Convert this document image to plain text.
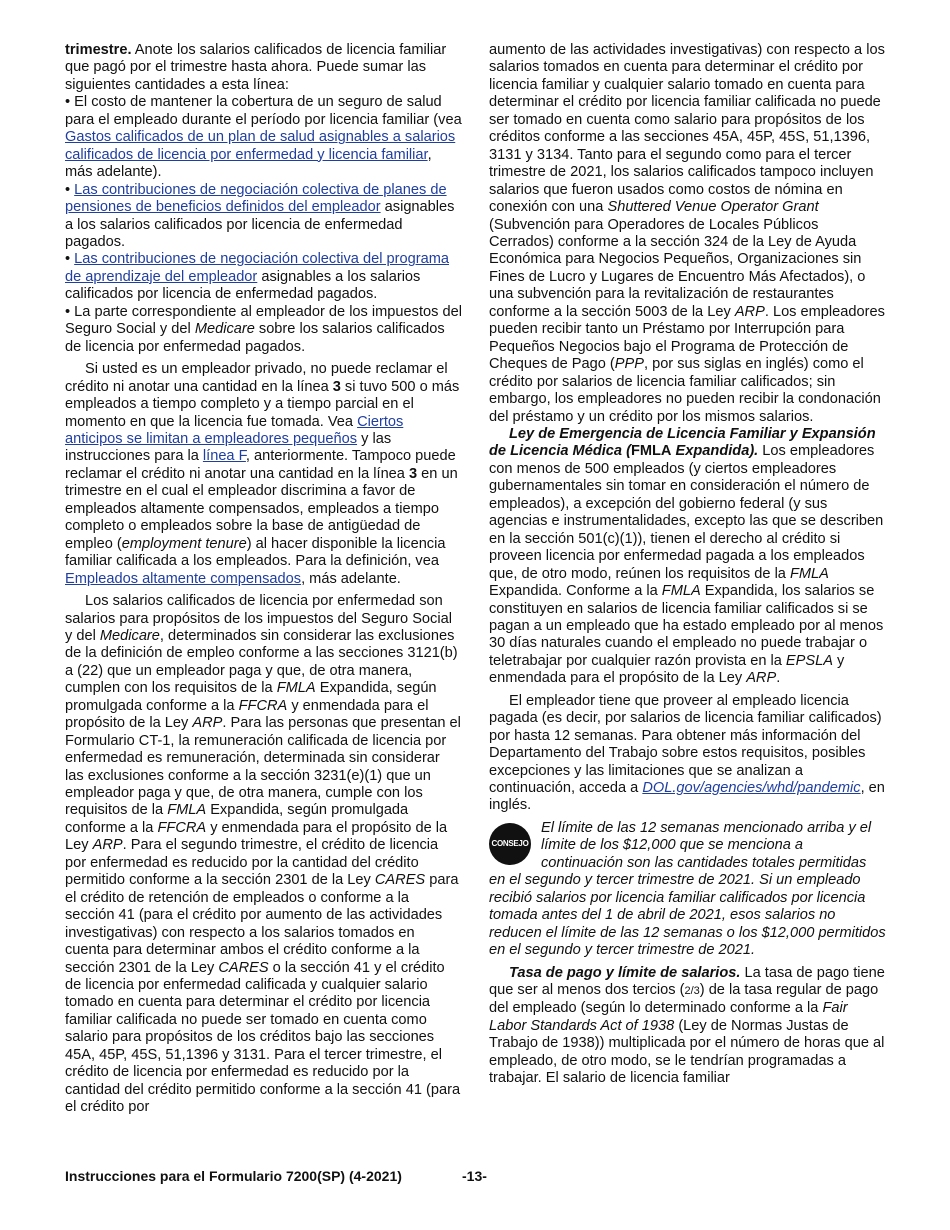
trimestre. Anote los salarios calificados de licencia familiar que pagó por el trimestre hasta ahora. Puede sumar las siguientes cantidades a esta línea:

• El costo de mantener la cobertura de un seguro de salud para el empleado durante el período por licencia familiar (vea Gastos calificados de un plan de salud asignables a salarios calificados de licencia por enfermedad y licencia familiar, más adelante).

• Las contribuciones de negociación colectiva de planes de pensiones de beneficios definidos del empleador asignables a los salarios calificados por licencia de enfermedad pagados.

• Las contribuciones de negociación colectiva del programa de aprendizaje del empleador asignables a los salarios calificados por licencia de enfermedad pagados.

• La parte correspondiente al empleador de los impuestos del Seguro Social y del Medicare sobre los salarios calificados de licencia por enfermedad pagados.

Si usted es un empleador privado, no puede reclamar el crédito ni anotar una cantidad en la línea 3 si tuvo 500 o más empleados a tiempo completo y a tiempo parcial en el momento en que la licencia fue tomada. Vea Ciertos anticipos se limitan a empleadores pequeños y las instrucciones para la línea F, anteriormente. Tampoco puede reclamar el crédito ni anotar una cantidad en la línea 3 en un trimestre en el cual el empleador discrimina a favor de empleados altamente compensados, empleados a tiempo completo o empleados sobre la base de antigüedad de empleo (employment tenure) al hacer disponible la licencia familiar calificada a los empleados. Para la definición, vea Empleados altamente compensados, más adelante.

Los salarios calificados de licencia por enfermedad son salarios para propósitos de los impuestos del Seguro Social y del Medicare, determinados sin considerar las exclusiones de la definición de empleo conforme a las secciones 3121(b) a (22) que un empleador paga y que, de otra manera, cumplen con los requisitos de la FMLA Expandida, según promulgada conforme a la FFCRA y enmendada para el propósito de la Ley ARP. Para las personas que presentan el Formulario CT-1, la remuneración calificada de licencia por enfermedad es remuneración, determinada sin considerar las exclusiones conforme a la sección 3231(e)(1) que un empleador paga y que, de otra manera, cumple con los requisitos de la FMLA Expandida, según promulgada conforme a la FFCRA y enmendada para el propósito de la Ley ARP. Para el segundo trimestre, el crédito de licencia por enfermedad es reducido por la cantidad del crédito permitido conforme a la sección 2301 de la Ley CARES para el crédito de retención de empleados o conforme a la sección 41 (para el crédito por aumento de las actividades investigativas) con respecto a los salarios tomados en cuenta para determinar ambos el crédito conforme a la sección 2301 de la Ley CARES o la sección 41 y el crédito de licencia por enfermedad calificada y cualquier salario tomado en cuenta para determinar el crédito por licencia familiar calificada no puede ser tomado en cuenta como salario para propósitos de los créditos bajo las secciones 45A, 45P, 45S, 51,1396 y 3131. Para el tercer trimestre, el crédito de licencia por enfermedad es reducido por la cantidad del crédito permitido conforme a la sección 41 (para el crédito por

aumento de las actividades investigativas) con respecto a los salarios tomados en cuenta para determinar el crédito por licencia familiar y cualquier salario tomado en cuenta para determinar el crédito por licencia familiar calificada no puede ser tomado en cuenta como salario para propósitos de los créditos conforme a las secciones 45A, 45P, 45S, 51,1396, 3131 y 3134. Tanto para el segundo como para el tercer trimestre de 2021, los salarios calificados tampoco incluyen salarios que fueron usados como costos de nómina en conexión con una Shuttered Venue Operator Grant (Subvención para Operadores de Locales Públicos Cerrados) conforme a la sección 324 de la Ley de Ayuda Económica para Negocios Pequeños, Organizaciones sin Fines de Lucro y Lugares de Encuentro Más Afectados), o una subvención para la revitalización de restaurantes conforme a la sección 5003 de la Ley ARP. Los empleadores pueden recibir tanto un Préstamo por Interrupción para Pequeños Negocios bajo el Programa de Protección de Cheques de Pago (PPP, por sus siglas en inglés) como el crédito por salarios de licencia familiar calificados; sin embargo, los empleadores no pueden recibir la condonación del préstamo y un crédito por los mismos salarios.

Ley de Emergencia de Licencia Familiar y Expansión de Licencia Médica (FMLA Expandida). Los empleadores con menos de 500 empleados (y ciertos empleadores gubernamentales sin tomar en consideración el número de empleados), a excepción del gobierno federal (y sus agencias e instrumentalidades, excepto las que se describen en la sección 501(c)(1)), tienen el derecho al crédito si proveen licencia por enfermedad pagada a los empleados que, de otro modo, reúnen los requisitos de la FMLA Expandida. Conforme a la FMLA Expandida, los salarios se constituyen en salarios de licencia familiar calificados si se pagan a un empleado que ha estado empleado por al menos 30 días naturales cuando el empleado no puede trabajar o teletrabajar por cualquier razón provista en la EPSLA y enmendada para el propósito de la Ley ARP.

El empleador tiene que proveer al empleado licencia pagada (es decir, por salarios de licencia familiar calificados) por hasta 12 semanas. Para obtener más información del Departamento del Trabajo sobre estos requisitos, posibles excepciones y las limitaciones que se analizan a continuación, acceda a DOL.gov/agencies/whd/pandemic, en inglés.

CONSEJO

El límite de las 12 semanas mencionado arriba y el límite de los $12,000 que se menciona a continuación son las cantidades totales permitidas en el segundo y tercer trimestre de 2021. Si un empleado recibió salarios por licencia familiar calificados por licencia tomada antes del 1 de abril de 2021, esos salarios no reducen el límite de las 12 semanas o los $12,000 permitidos en el segundo y tercer trimestre de 2021.

Tasa de pago y límite de salarios. La tasa de pago tiene que ser al menos dos tercios (2/3) de la tasa regular de pago del empleado (según lo determinado conforme a la Fair Labor Standards Act of 1938 (Ley de Normas Justas de Trabajo de 1938)) multiplicada por el número de horas que al empleado, de otro modo, se le tendrían programadas a trabajar. El salario de licencia familiar

Instrucciones para el Formulario 7200(SP) (4-2021)	-13-
